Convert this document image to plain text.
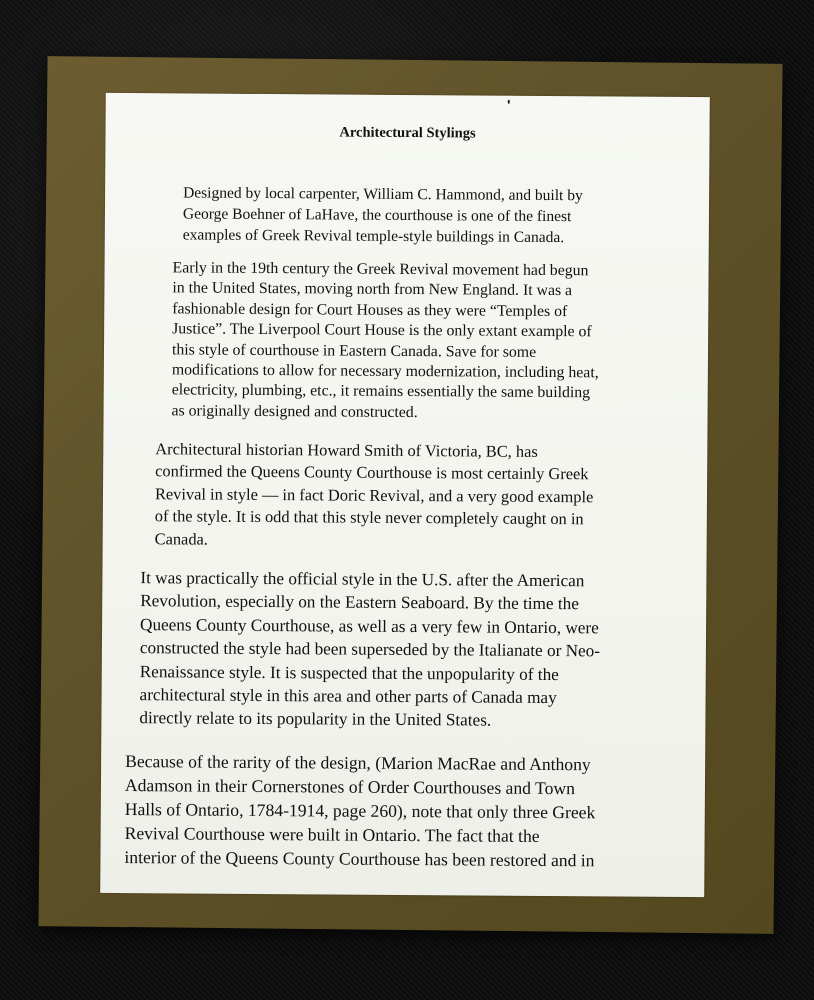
Architectural Stylings

Designed by local carpenter, William C. Hammond, and built by
George Boehner of LaHave, the courthouse is one of the finest
examples of Greek Revival temple-style buildings in Canada.

Early in the 19th century the Greek Revival movement had begun
in the United States, moving north from New England. It was a
fashionable design for Court Houses as they were “Temples of
Justice”. The Liverpool Court House is the only extant example of
this style of courthouse in Eastern Canada. Save for some
modifications to allow for necessary modernization, including heat,
electricity, plumbing, etc., it remains essentially the same building
as originally designed and constructed.

Architectural historian Howard Smith of Victoria, BC, has
confirmed the Queens County Courthouse is most certainly Greek
Revival in style — in fact Doric Revival, and a very good example
of the style. It is odd that this style never completely caught on in
Canada.

It was practically the official style in the U.S. after the American
Revolution, especially on the Eastern Seaboard. By the time the
Queens County Courthouse, as well as a very few in Ontario, were
constructed the style had been superseded by the Italianate or Neo-
Renaissance style. It is suspected that the unpopularity of the
architectural style in this area and other parts of Canada may
directly relate to its popularity in the United States.

Because of the rarity of the design, (Marion MacRae and Anthony
Adamson in their Cornerstones of Order Courthouses and Town
Halls of Ontario, 1784-1914, page 260), note that only three Greek
Revival Courthouse were built in Ontario. The fact that the
interior of the Queens County Courthouse has been restored and in
